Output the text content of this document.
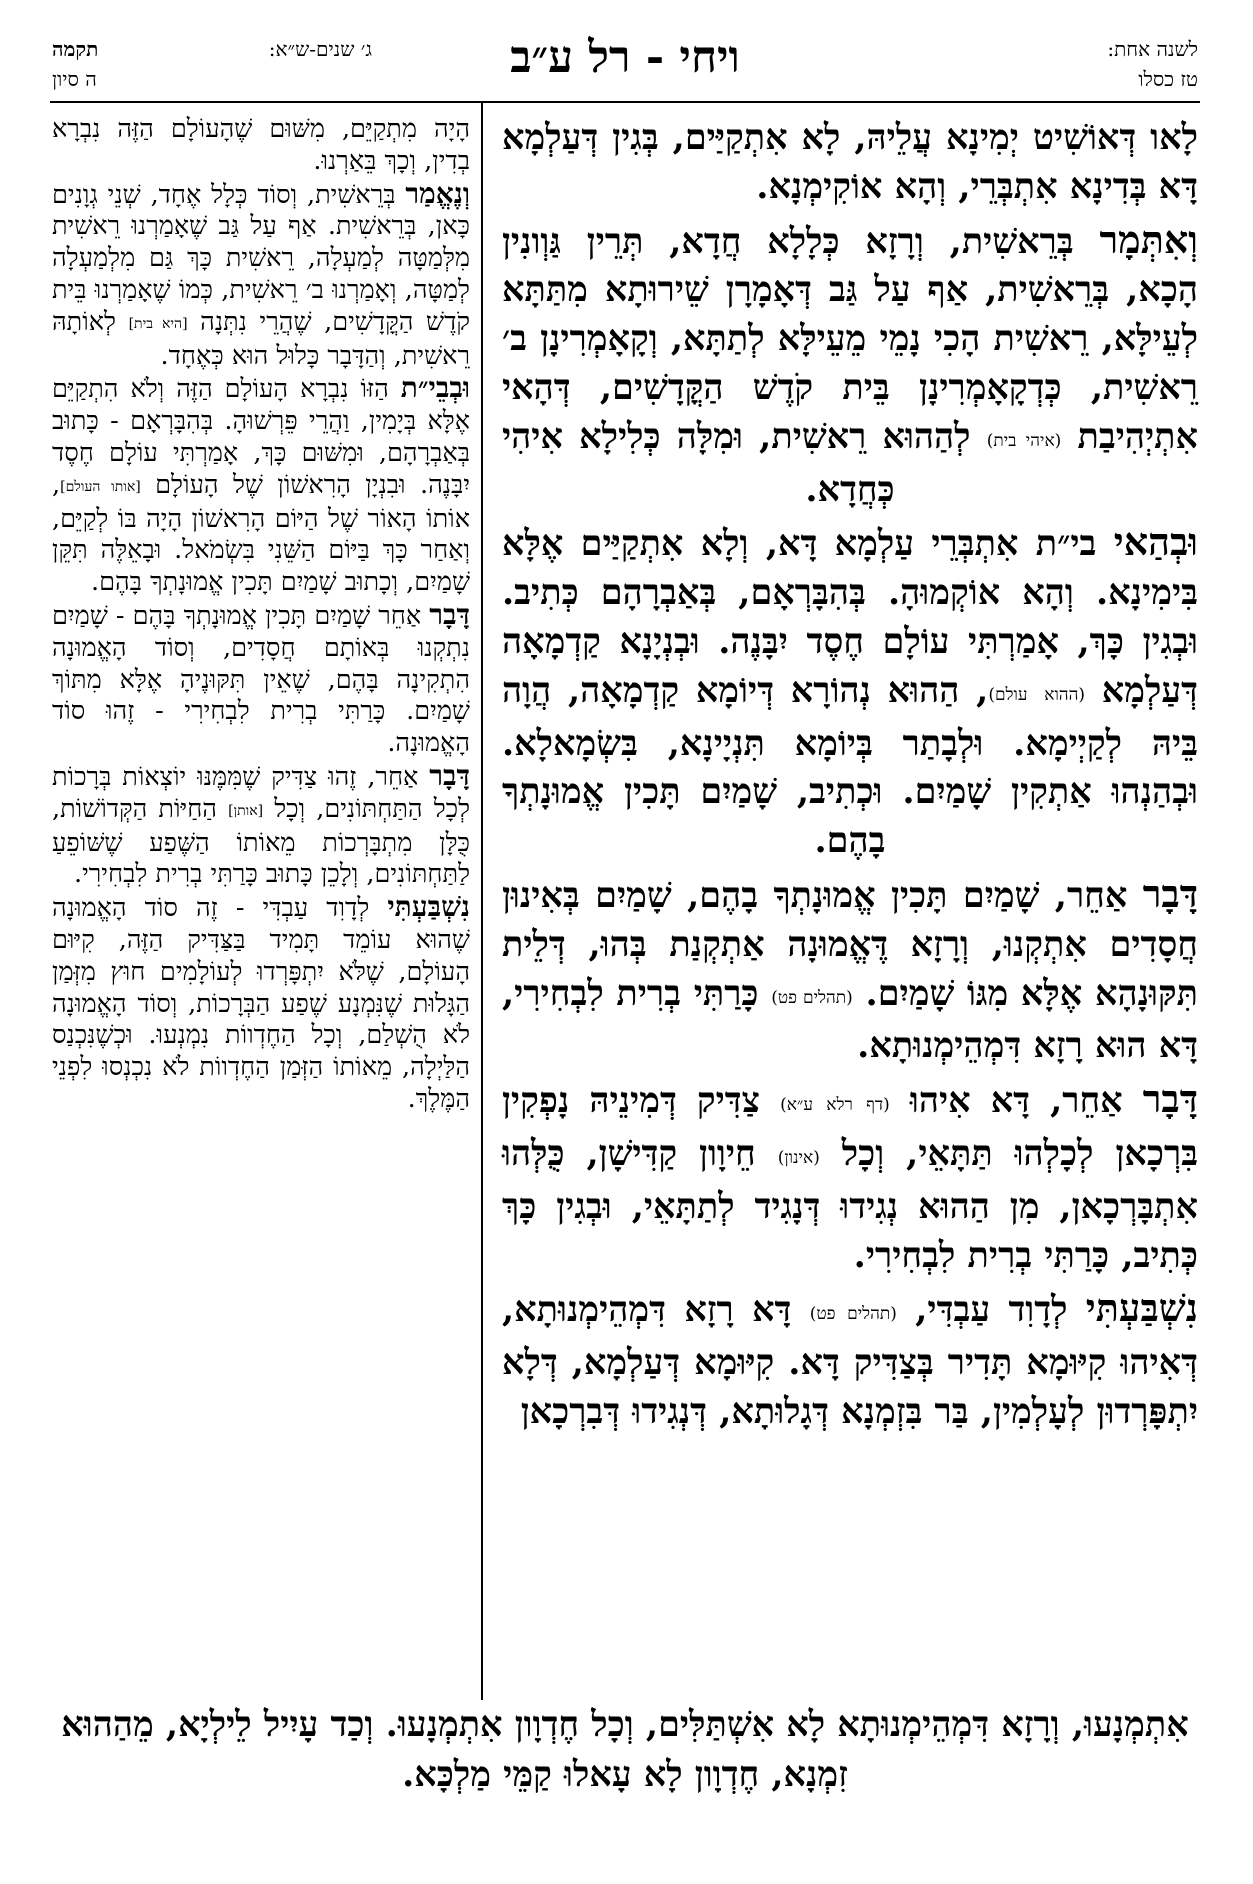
לשנה אחת:
טז כסלו
ויחי - רל ע״ב
ג׳ שנים-ש״א:
תקמה
ה סיון

לָאו דְּאוֹשִׁיט יְמִינָא עֲלֵיהּ, לָא אִתְקַיַּים, בְּגִין דְּעַלְמָא דָּא בְּדִינָא אִתְבְּרֵי, וְהָא אוֹקִימְנָא.

וְאִתְּמָר בְּרֵאשִׁית, וְרָזָא כְּלָלָא חֲדָא, תְּרֵין גַּוְונִין הָכָא, בְּרֵאשִׁית, אַף עַל גַּב דְּאָמָרָן שֵׁירוּתָא מִתַּתָּא לְעֵילָּא, רֵאשִׁית הָכִי נָמֵי מֵעֵילָּא לְתַתָּא, וְקָאָמְרִינָן ב׳ רֵאשִׁית, כְּדְקָאָמְרִינָן בֵּית קֹדֶשׁ הַקֳּדָשִׁים, דְּהָאי אִתְיְהִיבַת (איהי בית) לְהַהוּא רֵאשִׁית, וּמִלָּה כְּלִילָא אִיהִי כְּחֲדָא.

וּבְהַאי בי״ת אִתְבְּרֵי עַלְמָא דָּא, וְלָא אִתְקַיַּים אֶלָּא בִּימִינָא. וְהָא אוֹקְמוּהָ. בְּהִבָּרְאָם, בְּאַבְרָהָם כְּתִיב. וּבְגִין כָּךְ, אָמַרְתִּי עוֹלָם חֶסֶד יִבָּנֶה. וּבְנְיָנָא קַדְמָאָה דְּעַלְמָא (ההוא עולם), הַהוּא נְהוֹרָא דְּיוֹמָא קַדְמָאָה, הֲוָה בֵּיהּ לְקַיְימָא. וּלְבָתַר בְּיוֹמָא תִּנְיָינָא, בִּשְׂמָאלָא. וּבְהַנְהוּ אַתְקִין שָׁמַיִם. וּכְתִיב, שָׁמַיִם תָּכִין אֱמוּנָתְךָ בָהֶם.

דָּבָר אַחֵר, שָׁמַיִם תָּכִין אֱמוּנָתְךָ בָהֶם, שָׁמַיִם בְּאִינוּן חֲסָדִים אִתְקְנוּ, וְרָזָא דֶּאֱמוּנָה אַתְקְנַת בְּהוּ, דְּלֵית תִּקּוּנָהָא אֶלָּא מִגּוֹ שָׁמַיִם. (תהלים פט) כָּרַתִּי בְרִית לִבְחִירִי, דָּא הוּא רָזָא דִּמְהֵימְנוּתָא.

דָּבָר אַחֵר, דָּא אִיהוּ (דף רלא ע״א) צַדִּיק דְּמִינֵיהּ נָפְקִין בִּרְכָאן לְכָלְהוּ תַּתָּאֵי, וְכָל (אינון) חֵיוָון קַדִּישָׁן, כֻּלְּהוּ אִתְבָּרְכָאן, מִן הַהוּא נְגִידוּ דְּנָגִיד לְתַתָּאֵי, וּבְגִין כָּךְ כְּתִיב, כָּרַתִּי בְרִית לִבְחִירִי.

נִשְׁבַּעְתִּי לְדָוִד עַבְדִּי, (תהלים פט) דָּא רָזָא דִּמְהֵימְנוּתָא, דְּאִיהוּ קִיּוּמָא תָּדִיר בְּצַדִּיק דָּא. קִיּוּמָא דְּעַלְמָא, דְּלָא יִתְפָּרְדוּן לְעָלְמִין, בַּר בִּזְמְנָא דְּגָלוּתָא, דְּנְגִידוּ דְּבִרְכָאן

הָיָה מִתְקַיֵּם, מִשּׁוּם שֶׁהָעוֹלָם הַזֶּה נִבְרָא בְדִין, וְכָךְ בֵּאַרְנוּ.

וְנֶאֱמַר בְּרֵאשִׁית, וְסוֹד כְּלָל אֶחָד, שְׁנֵי גְוָנִים כָּאן, בְּרֵאשִׁית. אַף עַל גַּב שֶׁאָמַרְנוּ רֵאשִׁית מִלְּמַטָּה לְמַעְלָה, רֵאשִׁית כָּךְ גַּם מִלְמַעְלָה לְמַטָּה, וְאָמַרְנוּ ב׳ רֵאשִׁית, כְּמוֹ שֶׁאָמַרְנוּ בֵּית קֹדֶשׁ הַקֳּדָשִׁים, שֶׁהֲרֵי נִתְּנָה [היא בית] לְאוֹתָהּ רֵאשִׁית, וְהַדָּבָר כָּלוּל הוּא כְּאֶחָד.

וּבְבֵי״ת הַזּוֹ נִבְרָא הָעוֹלָם הַזֶּה וְלֹא הִתְקַיֵּם אֶלָּא בְּיָמִין, וַהֲרֵי פֵּרְשׁוּהָ. בְּהִבָּרְאָם - כָּתוּב בְּאַבְרָהָם, וּמִשּׁוּם כָּךְ, אָמַרְתִּי עוֹלָם חֶסֶד יִבָּנֶה. וּבִנְיָן הָרִאשׁוֹן שֶׁל הָעוֹלָם [אותו העולם], אוֹתוֹ הָאוֹר שֶׁל הַיּוֹם הָרִאשׁוֹן הָיָה בּוֹ לְקַיֵּם, וְאַחַר כָּךְ בַּיּוֹם הַשֵּׁנִי בִּשְׂמֹאל. וּבָאֵלֶּה תִּקֵּן שָׁמַיִם, וְכָתוּב שָׁמַיִם תָּכִין אֱמוּנָתְךָ בָּהֶם.

דָּבָר אַחֵר שָׁמַיִם תָּכִין אֱמוּנָתְךָ בָּהֶם - שָׁמַיִם נִתְקְנוּ בְּאוֹתָם חֲסָדִים, וְסוֹד הָאֱמוּנָה הִתְקִינָה בָּהֶם, שֶׁאֵין תִּקּוּנֶיהָ אֶלָּא מִתּוֹךְ שָׁמַיִם. כָּרַתִּי בְרִית לִבְחִירִי - זֶהוּ סוֹד הָאֱמוּנָה.

דָּבָר אַחֵר, זֶהוּ צַדִּיק שֶׁמִּמֶּנּוּ יוֹצְאוֹת בְּרָכוֹת לְכָל הַתַּחְתּוֹנִים, וְכָל [אותן] הַחַיּוֹת הַקְּדוֹשׁוֹת, כֻּלָּן מִתְבָּרְכוֹת מֵאוֹתוֹ הַשֶּׁפַע שֶׁשּׁוֹפֵעַ לַתַּחְתּוֹנִים, וְלָכֵן כָּתוּב כָּרַתִּי בְרִית לִבְחִירִי.

נִשְׁבַּעְתִּי לְדָוִד עַבְדִּי - זֶה סוֹד הָאֱמוּנָה שֶׁהוּא עוֹמֵד תָּמִיד בַּצַּדִּיק הַזֶּה, קִיּוּם הָעוֹלָם, שֶׁלֹּא יִתְפָּרְדוּ לְעוֹלָמִים חוּץ מִזְּמַן הַגָּלוּת שֶׁנִּמְנָע שֶׁפַע הַבְּרָכוֹת, וְסוֹד הָאֱמוּנָה לֹא הֻשְׁלַם, וְכָל הַחֶדְווֹת נִמְנְעוּ. וּכְשֶׁנִּכְנַס הַלַּיְלָה, מֵאוֹתוֹ הַזְּמַן הַחֶדְווֹת לֹא נִכְנְסוּ לִפְנֵי הַמֶּלֶךְ.

אִתְמְנָעוּ, וְרָזָא דִּמְהֵימְנוּתָא לָא אִשְׁתַּלִּים, וְכָל חֶדְוָון אִתְמְנָעוּ. וְכַד עָיִיל לֵילְיָא, מֵהַהוּא זִמְנָא, חֶדְוָון לָא עָאלוּ קַמֵּי מַלְכָּא.
